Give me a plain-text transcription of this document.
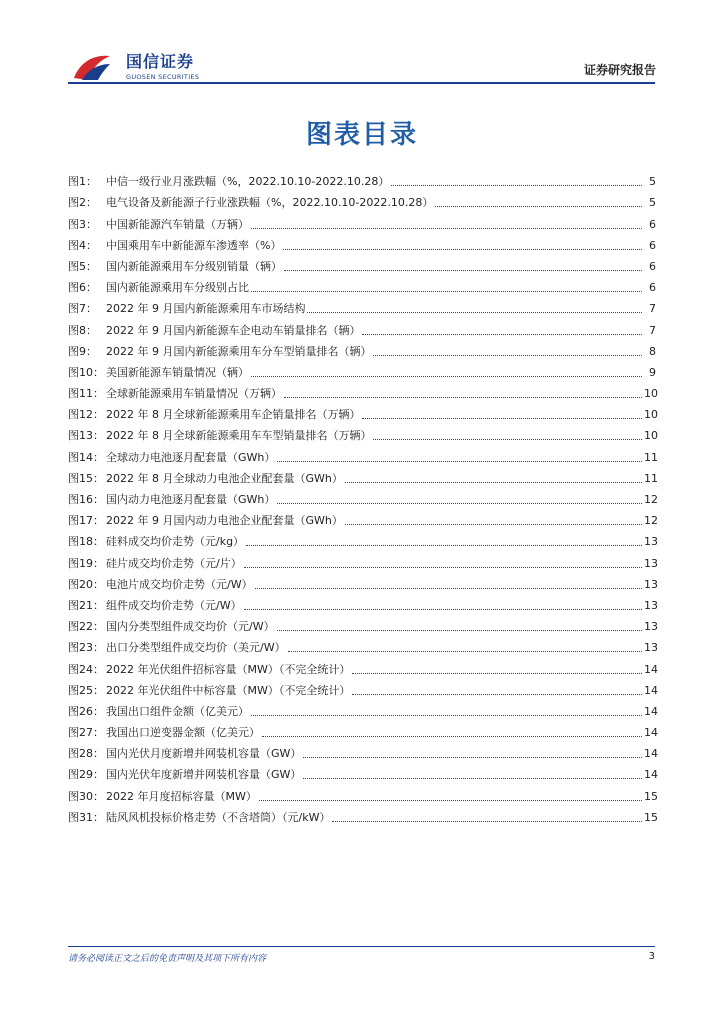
国信证券
GUOSEN SECURITIES	证券研究报告
图表目录
图1： 中信一级行业月涨跌幅（%，2022.10.10-2022.10.28）	5
图2： 电气设备及新能源子行业涨跌幅（%，2022.10.10-2022.10.28）	5
图3： 中国新能源汽车销量（万辆）	6
图4： 中国乘用车中新能源车渗透率（%）	6
图5： 国内新能源乘用车分级别销量（辆）	6
图6： 国内新能源乘用车分级别占比	6
图7： 2022 年 9 月国内新能源乘用车市场结构	7
图8： 2022 年 9 月国内新能源车企电动车销量排名（辆）	7
图9： 2022 年 9 月国内新能源乘用车分车型销量排名（辆）	8
图10： 美国新能源车销量情况（辆）	9
图11： 全球新能源乘用车销量情况（万辆）	10
图12： 2022 年 8 月全球新能源乘用车企销量排名（万辆）	10
图13： 2022 年 8 月全球新能源乘用车车型销量排名（万辆）	10
图14： 全球动力电池逐月配套量（GWh）	11
图15： 2022 年 8 月全球动力电池企业配套量（GWh）	11
图16： 国内动力电池逐月配套量（GWh）	12
图17： 2022 年 9 月国内动力电池企业配套量（GWh）	12
图18： 硅料成交均价走势（元/kg）	13
图19： 硅片成交均价走势（元/片）	13
图20： 电池片成交均价走势（元/W）	13
图21： 组件成交均价走势（元/W）	13
图22： 国内分类型组件成交均价（元/W）	13
图23： 出口分类型组件成交均价（美元/W）	13
图24： 2022 年光伏组件招标容量（MW）（不完全统计）	14
图25： 2022 年光伏组件中标容量（MW）（不完全统计）	14
图26： 我国出口组件金额（亿美元）	14
图27： 我国出口逆变器金额（亿美元）	14
图28： 国内光伏月度新增并网装机容量（GW）	14
图29： 国内光伏年度新增并网装机容量（GW）	14
图30： 2022 年月度招标容量（MW）	15
图31： 陆风风机投标价格走势（不含塔筒）（元/kW）	15
请务必阅读正文之后的免责声明及其项下所有内容	3
